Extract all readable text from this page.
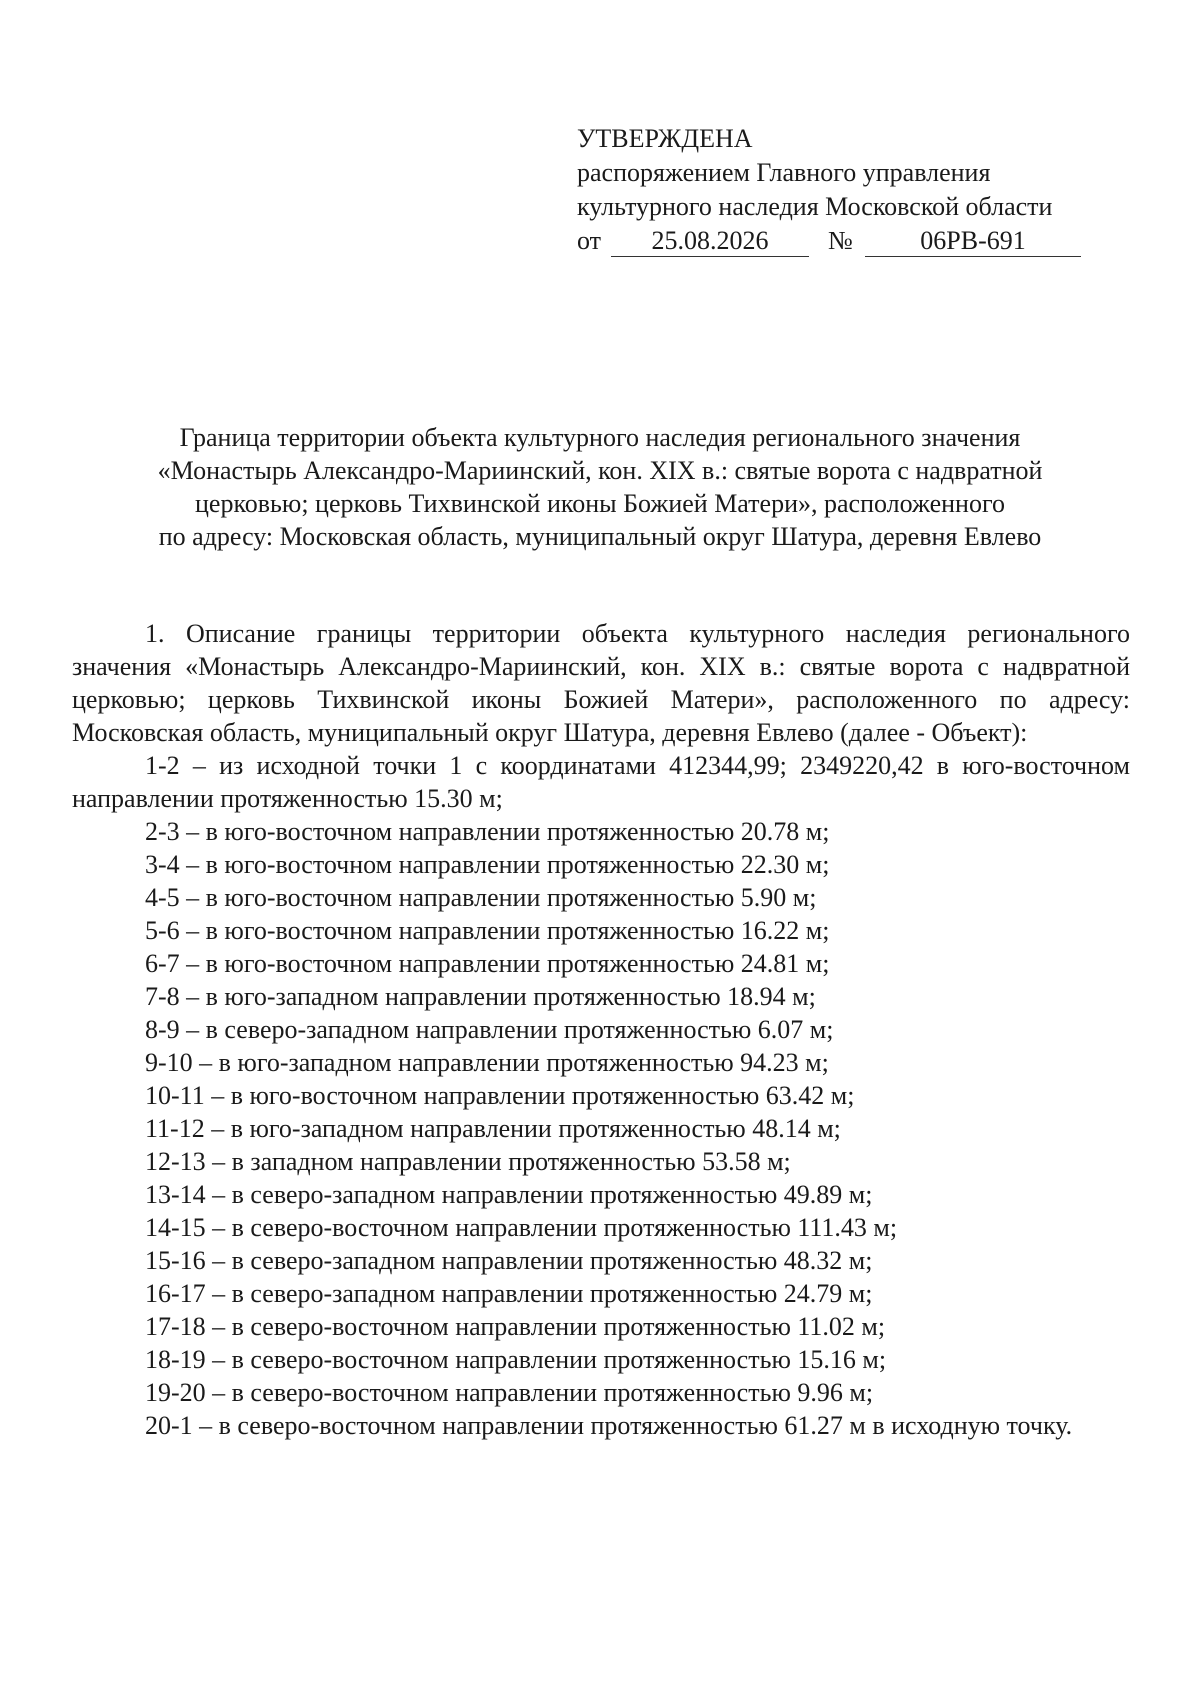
УТВЕРЖДЕНА
распоряжением Главного управления
культурного наследия Московской области
от	25.08.2026	№	06РВ-691
Граница территории объекта культурного наследия регионального значения
«Монастырь Александро-Мариинский, кон. XIX в.: святые ворота с надвратной
церковью; церковь Тихвинской иконы Божией Матери», расположенного
по адресу: Московская область, муниципальный округ Шатура, деревня Евлево

1. Описание границы территории объекта культурного наследия регионального значения «Монастырь Александро-Мариинский, кон. XIX в.: святые ворота с надвратной церковью; церковь Тихвинской иконы Божией Матери», расположенного по адресу: Московская область, муниципальный округ Шатура, деревня Евлево (далее - Объект):

1-2 – из исходной точки 1 с координатами 412344,99; 2349220,42 в юго-восточном направлении протяженностью 15.30 м;

2-3 – в юго-восточном направлении протяженностью 20.78 м;

3-4 – в юго-восточном направлении протяженностью 22.30 м;

4-5 – в юго-восточном направлении протяженностью 5.90 м;

5-6 – в юго-восточном направлении протяженностью 16.22 м;

6-7 – в юго-восточном направлении протяженностью 24.81 м;

7-8 – в юго-западном направлении протяженностью 18.94 м;

8-9 – в северо-западном направлении протяженностью 6.07 м;

9-10 – в юго-западном направлении протяженностью 94.23 м;

10-11 – в юго-восточном направлении протяженностью 63.42 м;

11-12 – в юго-западном направлении протяженностью 48.14 м;

12-13 – в западном направлении протяженностью 53.58 м;

13-14 – в северо-западном направлении протяженностью 49.89 м;

14-15 – в северо-восточном направлении протяженностью 111.43 м;

15-16 – в северо-западном направлении протяженностью 48.32 м;

16-17 – в северо-западном направлении протяженностью 24.79 м;

17-18 – в северо-восточном направлении протяженностью 11.02 м;

18-19 – в северо-восточном направлении протяженностью 15.16 м;

19-20 – в северо-восточном направлении протяженностью 9.96 м;

20-1 – в северо-восточном направлении протяженностью 61.27 м в исходную точку.
